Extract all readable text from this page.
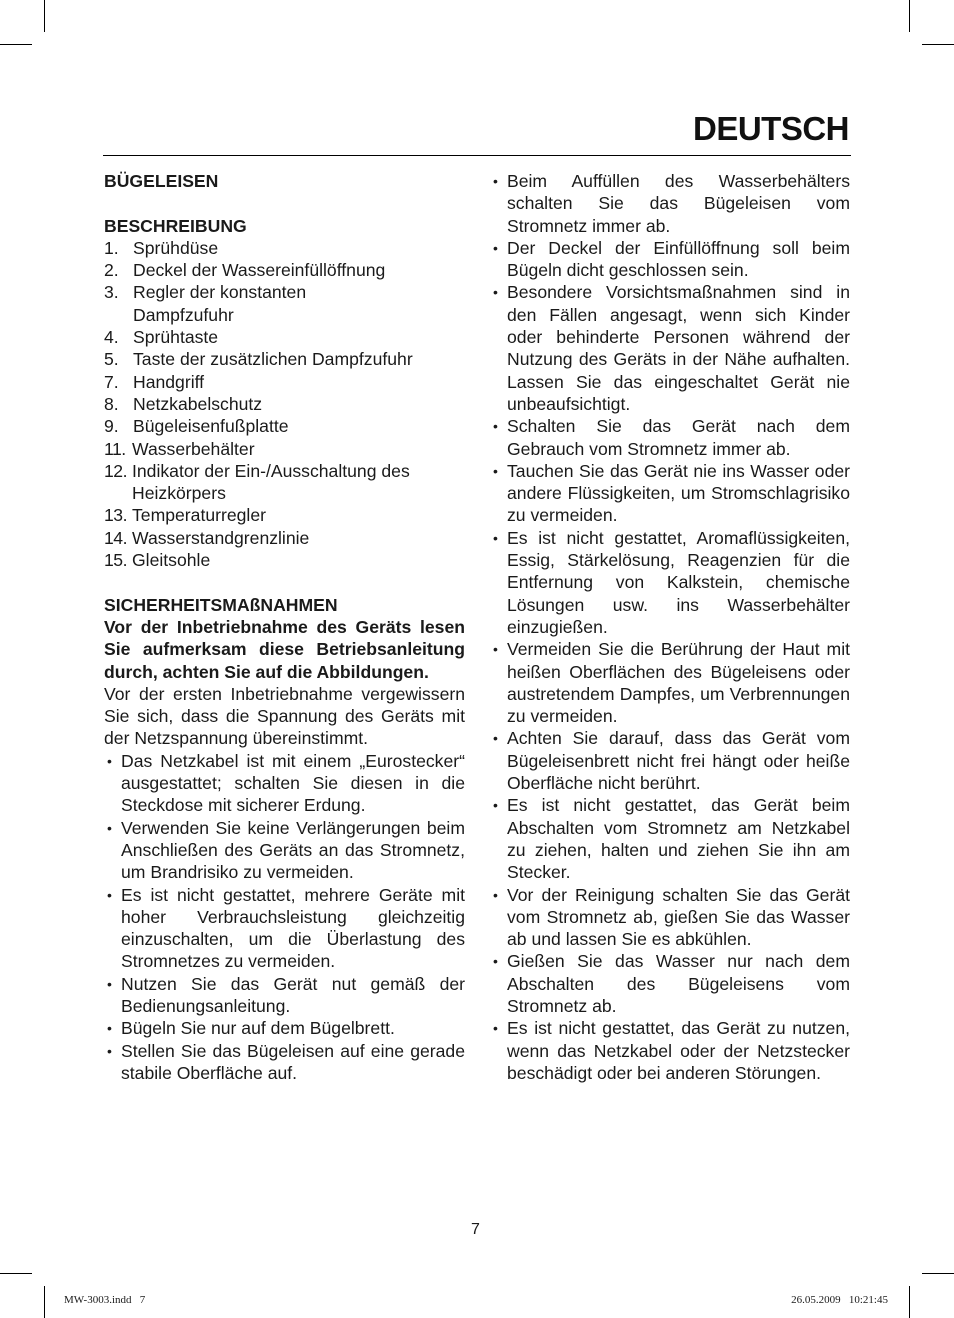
DEUTSCH
BÜGELEISEN
BESCHREIBUNG
1. Sprühdüse
2. Deckel der Wassereinfüllöffnung
3. Regler der konstanten Dampfzufuhr
4. Sprühtaste
5. Taste der zusätzlichen Dampfzufuhr
7. Handgriff
8. Netzkabelschutz
9. Bügeleisenfußplatte
11. Wasserbehälter
12. Indikator der Ein-/Ausschaltung des Heizkörpers
13. Temperaturregler
14. Wasserstandgrenzlinie
15. Gleitsohle
SICHERHEITSMAßNAHMEN
Vor der Inbetriebnahme des Geräts lesen Sie aufmerksam diese Betriebsanleitung durch, achten Sie auf die Abbildungen.
Vor der ersten Inbetriebnahme vergewissern Sie sich, dass die Spannung des Geräts mit der Netzspannung übereinstimmt.
• Das Netzkabel ist mit einem „Eurostecker“ ausgestattet; schalten Sie diesen in die Steckdose mit sicherer Erdung.
• Verwenden Sie keine Verlängerungen beim Anschließen des Geräts an das Stromnetz, um Brandrisiko zu vermeiden.
• Es ist nicht gestattet, mehrere Geräte mit hoher Verbrauchsleistung gleichzeitig einzuschalten, um die Überlastung des Stromnetzes zu vermeiden.
• Nutzen Sie das Gerät nut gemäß der Bedienungsanleitung.
• Bügeln Sie nur auf dem Bügelbrett.
• Stellen Sie das Bügeleisen auf eine gerade stabile Oberfläche auf.
• Beim Auffüllen des Wasserbehälters schalten Sie das Bügeleisen vom Stromnetz immer ab.
• Der Deckel der Einfüllöffnung soll beim Bügeln dicht geschlossen sein.
• Besondere Vorsichtsmaßnahmen sind in den Fällen angesagt, wenn sich Kinder oder behinderte Personen während der Nutzung des Geräts in der Nähe aufhalten. Lassen Sie das eingeschaltet Gerät nie unbeaufsichtigt.
• Schalten Sie das Gerät nach dem Gebrauch vom Stromnetz immer ab.
• Tauchen Sie das Gerät nie ins Wasser oder andere Flüssigkeiten, um Stromschlagrisiko zu vermeiden.
• Es ist nicht gestattet, Aromaflüssigkeiten, Essig, Stärkelösung, Reagenzien für die Entfernung von Kalkstein, chemische Lösungen usw. ins Wasserbehälter einzugießen.
• Vermeiden Sie die Berührung der Haut mit heißen Oberflächen des Bügeleisens oder austretendem Dampfes, um Verbrennungen zu vermeiden.
• Achten Sie darauf, dass das Gerät vom Bügeleisenbrett nicht frei hängt oder heiße Oberfläche nicht berührt.
• Es ist nicht gestattet, das Gerät beim Abschalten vom Stromnetz am Netzkabel zu ziehen, halten und ziehen Sie ihn am Stecker.
• Vor der Reinigung schalten Sie das Gerät vom Stromnetz ab, gießen Sie das Wasser ab und lassen Sie es abkühlen.
• Gießen Sie das Wasser nur nach dem Abschalten des Bügeleisens vom Stromnetz ab.
• Es ist nicht gestattet, das Gerät zu nutzen, wenn das Netzkabel oder der Netzstecker beschädigt oder bei anderen Störungen.
7
MW-3003.indd   7	26.05.2009   10:21:45
